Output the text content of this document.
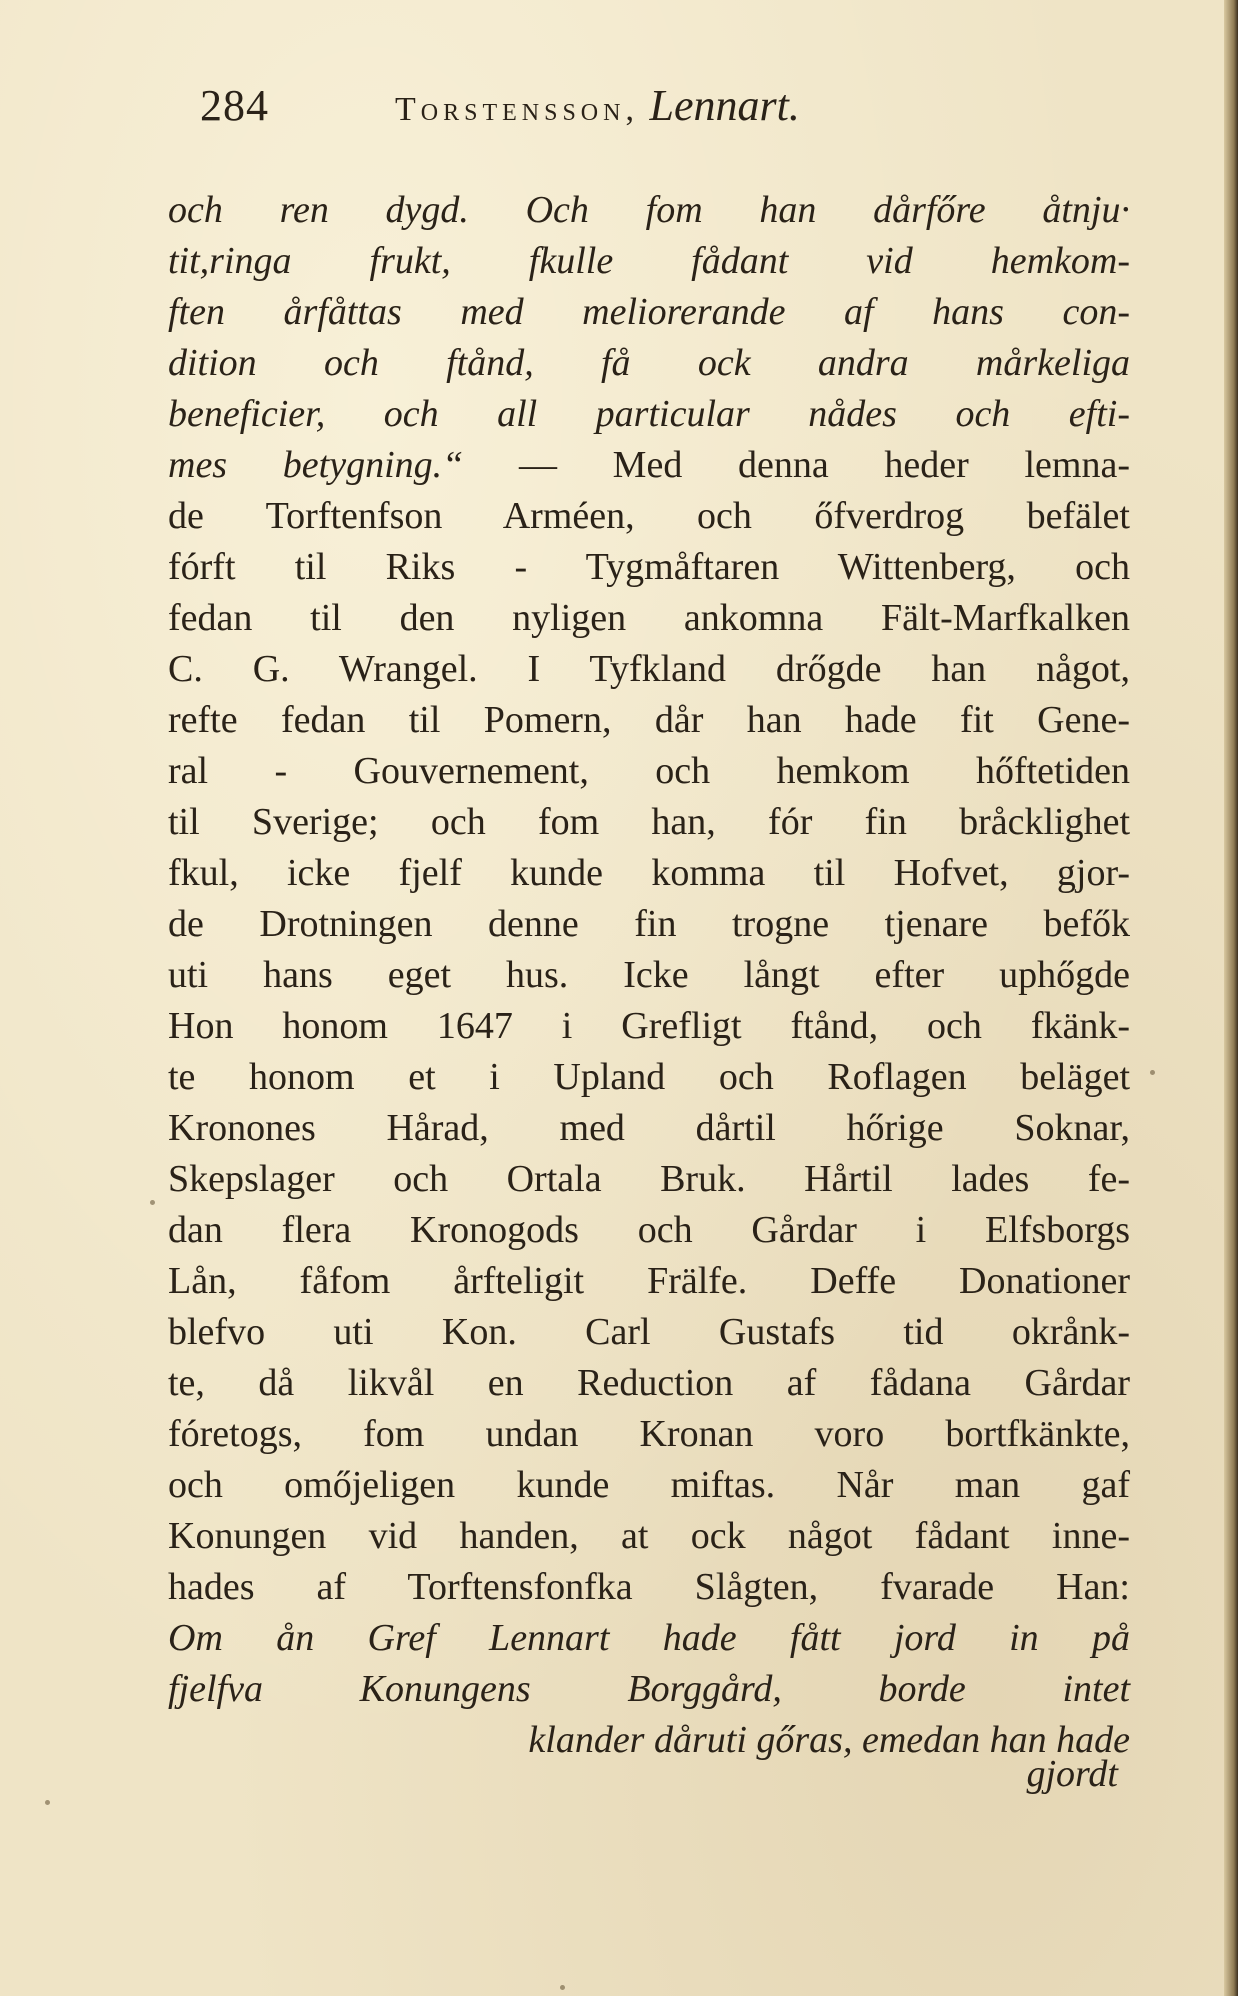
284	Torstensson, Lennart.
och ren dygd. Och fom han dårfőre åtnju·
tit,ringa frukt, fkulle fådant vid hemkom-
ften årfåttas med meliorerande af hans con-
dition och ftånd, få ock andra mårkeliga
beneficier, och all particular nådes och efti-
mes betygning.“ — Med denna heder lemna-
de Torftenfson Arméen, och őfverdrog befälet
fórft til Riks - Tygmåftaren Wittenberg, och
fedan til den nyligen ankomna Fält-Marfkalken
C. G. Wrangel. I Tyfkland drőgde han något,
refte fedan til Pomern, dår han hade fit Gene-
ral - Gouvernement, och hemkom hőftetiden
til Sverige; och fom han, fór fin bråcklighet
fkul, icke fjelf kunde komma til Hofvet, gjor-
de Drotningen denne fin trogne tjenare befők
uti hans eget hus. Icke långt efter uphőgde
Hon honom 1647 i Grefligt ftånd, och fkänk-
te honom et i Upland och Roflagen beläget
Kronones Hårad, med dårtil hőrige Soknar,
Skepslager och Ortala Bruk. Hårtil lades fe-
dan flera Kronogods och Gårdar i Elfsborgs
Lån, fåfom årfteligit Frälfe. Deffe Donationer
blefvo uti Kon. Carl Gustafs tid okrånk-
te, då likvål en Reduction af fådana Gårdar
fóretogs, fom undan Kronan voro bortfkänkte,
och omőjeligen kunde miftas. Når man gaf
Konungen vid handen, at ock något fådant inne-
hades af Torftensfonfka Slågten, fvarade Han:
Om ån Gref Lennart hade fått jord in på
fjelfva Konungens Borggård, borde intet
klander dåruti gőras, emedan han hade
gjordt
